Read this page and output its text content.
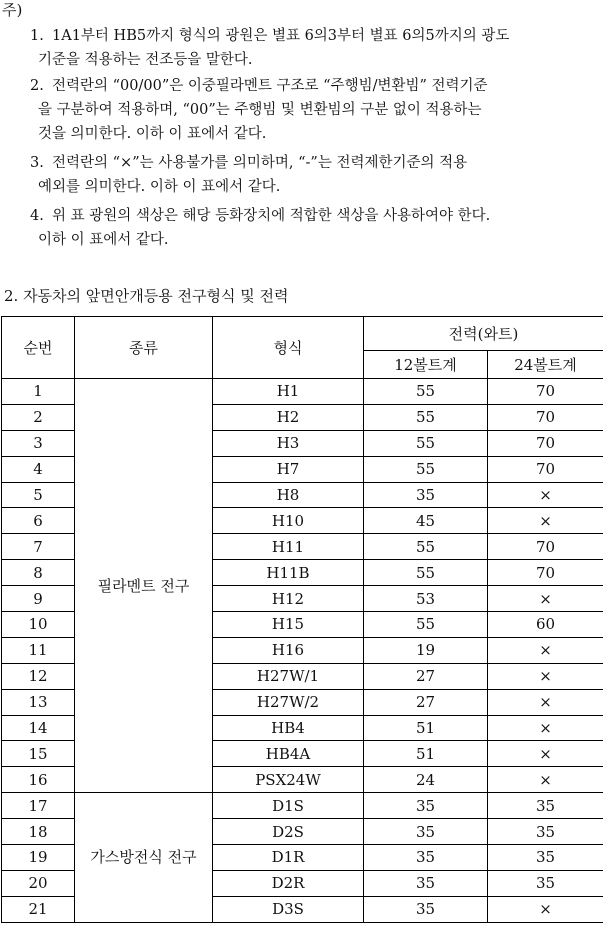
주)
1. 1A1부터 HB5까지 형식의 광원은 별표 6의3부터 별표 6의5까지의 광도
기준을 적용하는 전조등을 말한다.
2. 전력란의 “00/00”은 이중필라멘트 구조로 “주행빔/변환빔” 전력기준
을 구분하여 적용하며, “00”는 주행빔 및 변환빔의 구분 없이 적용하는
것을 의미한다. 이하 이 표에서 같다.
3. 전력란의 “×”는 사용불가를 의미하며, “-”는 전력제한기준의 적용
예외를 의미한다. 이하 이 표에서 같다.
4. 위 표 광원의 색상은 해당 등화장치에 적합한 색상을 사용하여야 한다.
이하 이 표에서 같다.
2. 자동차의 앞면안개등용 전구형식 및 전력
순번	종류	형식	전력(와트)	
			12볼트계	24볼트계
1	필라멘트 전구	H1	55	70
2		H2	55	70
3		H3	55	70
4		H7	55	70
5		H8	35	×
6		H10	45	×
7		H11	55	70
8		H11B	55	70
9		H12	53	×
10		H15	55	60
11		H16	19	×
12		H27W/1	27	×
13		H27W/2	27	×
14		HB4	51	×
15		HB4A	51	×
16		PSX24W	24	×
17	가스방전식 전구	D1S	35	35
18		D2S	35	35
19		D1R	35	35
20		D2R	35	35
21		D3S	35	×
